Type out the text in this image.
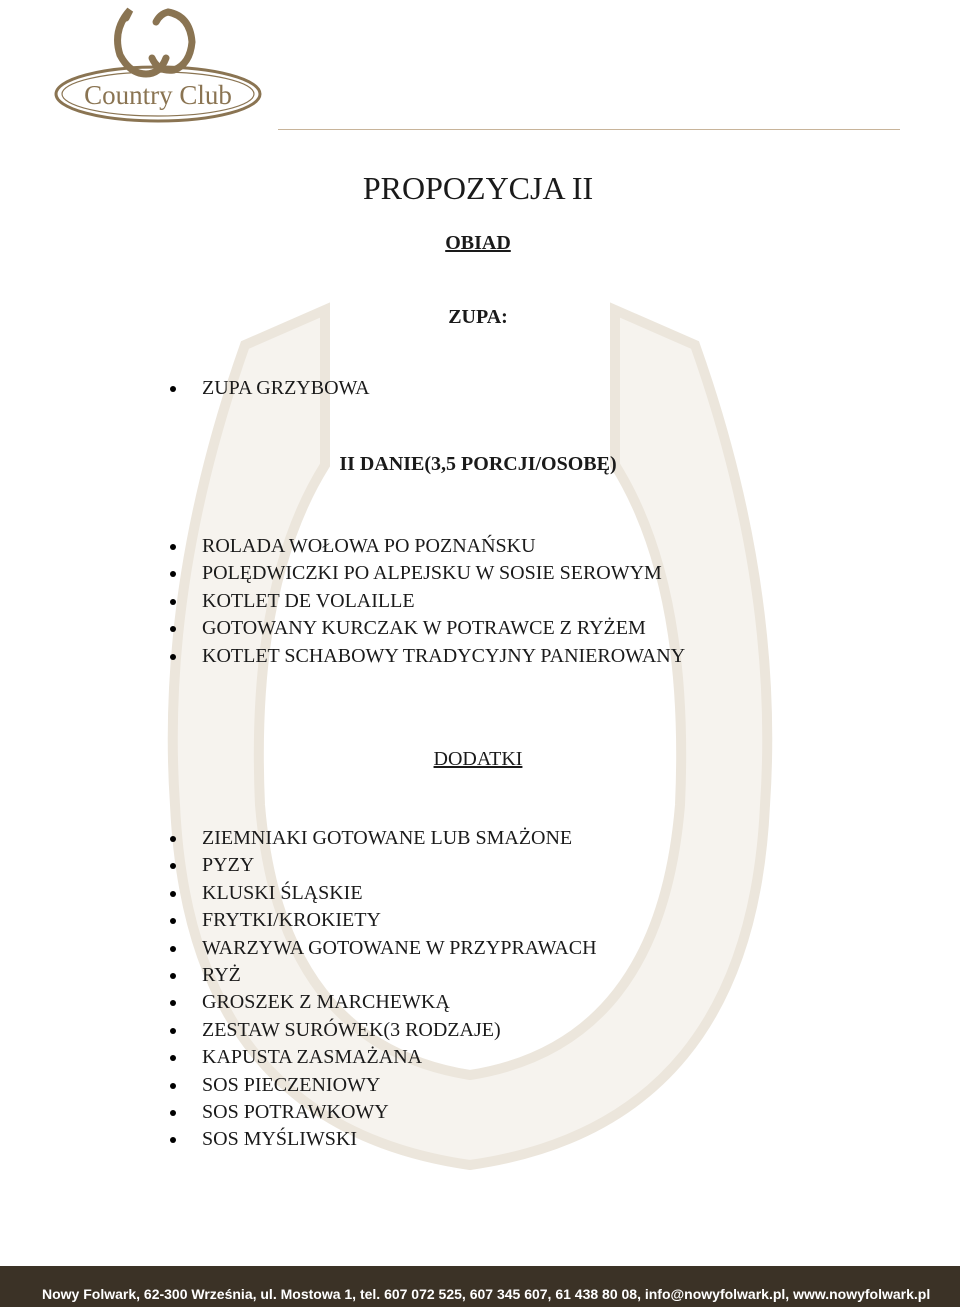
Country Club
PROPOZYCJA II
OBIAD
ZUPA:
ZUPA GRZYBOWA
II DANIE(3,5 PORCJI/OSOBĘ)
ROLADA WOŁOWA PO POZNAŃSKU
POLĘDWICZKI PO ALPEJSKU W SOSIE SEROWYM
KOTLET DE VOLAILLE
GOTOWANY KURCZAK W POTRAWCE Z RYŻEM
KOTLET SCHABOWY TRADYCYJNY PANIEROWANY
DODATKI
ZIEMNIAKI GOTOWANE LUB SMAŻONE
PYZY
KLUSKI ŚLĄSKIE
FRYTKI/KROKIETY
WARZYWA GOTOWANE W PRZYPRAWACH
RYŻ
GROSZEK Z MARCHEWKĄ
ZESTAW SURÓWEK(3 RODZAJE)
KAPUSTA ZASMAŻANA
SOS PIECZENIOWY
SOS POTRAWKOWY
SOS MYŚLIWSKI
Nowy Folwark, 62-300 Września, ul. Mostowa 1, tel. 607 072 525, 607 345 607, 61 438 80 08, info@nowyfolwark.pl, www.nowyfolwark.pl
